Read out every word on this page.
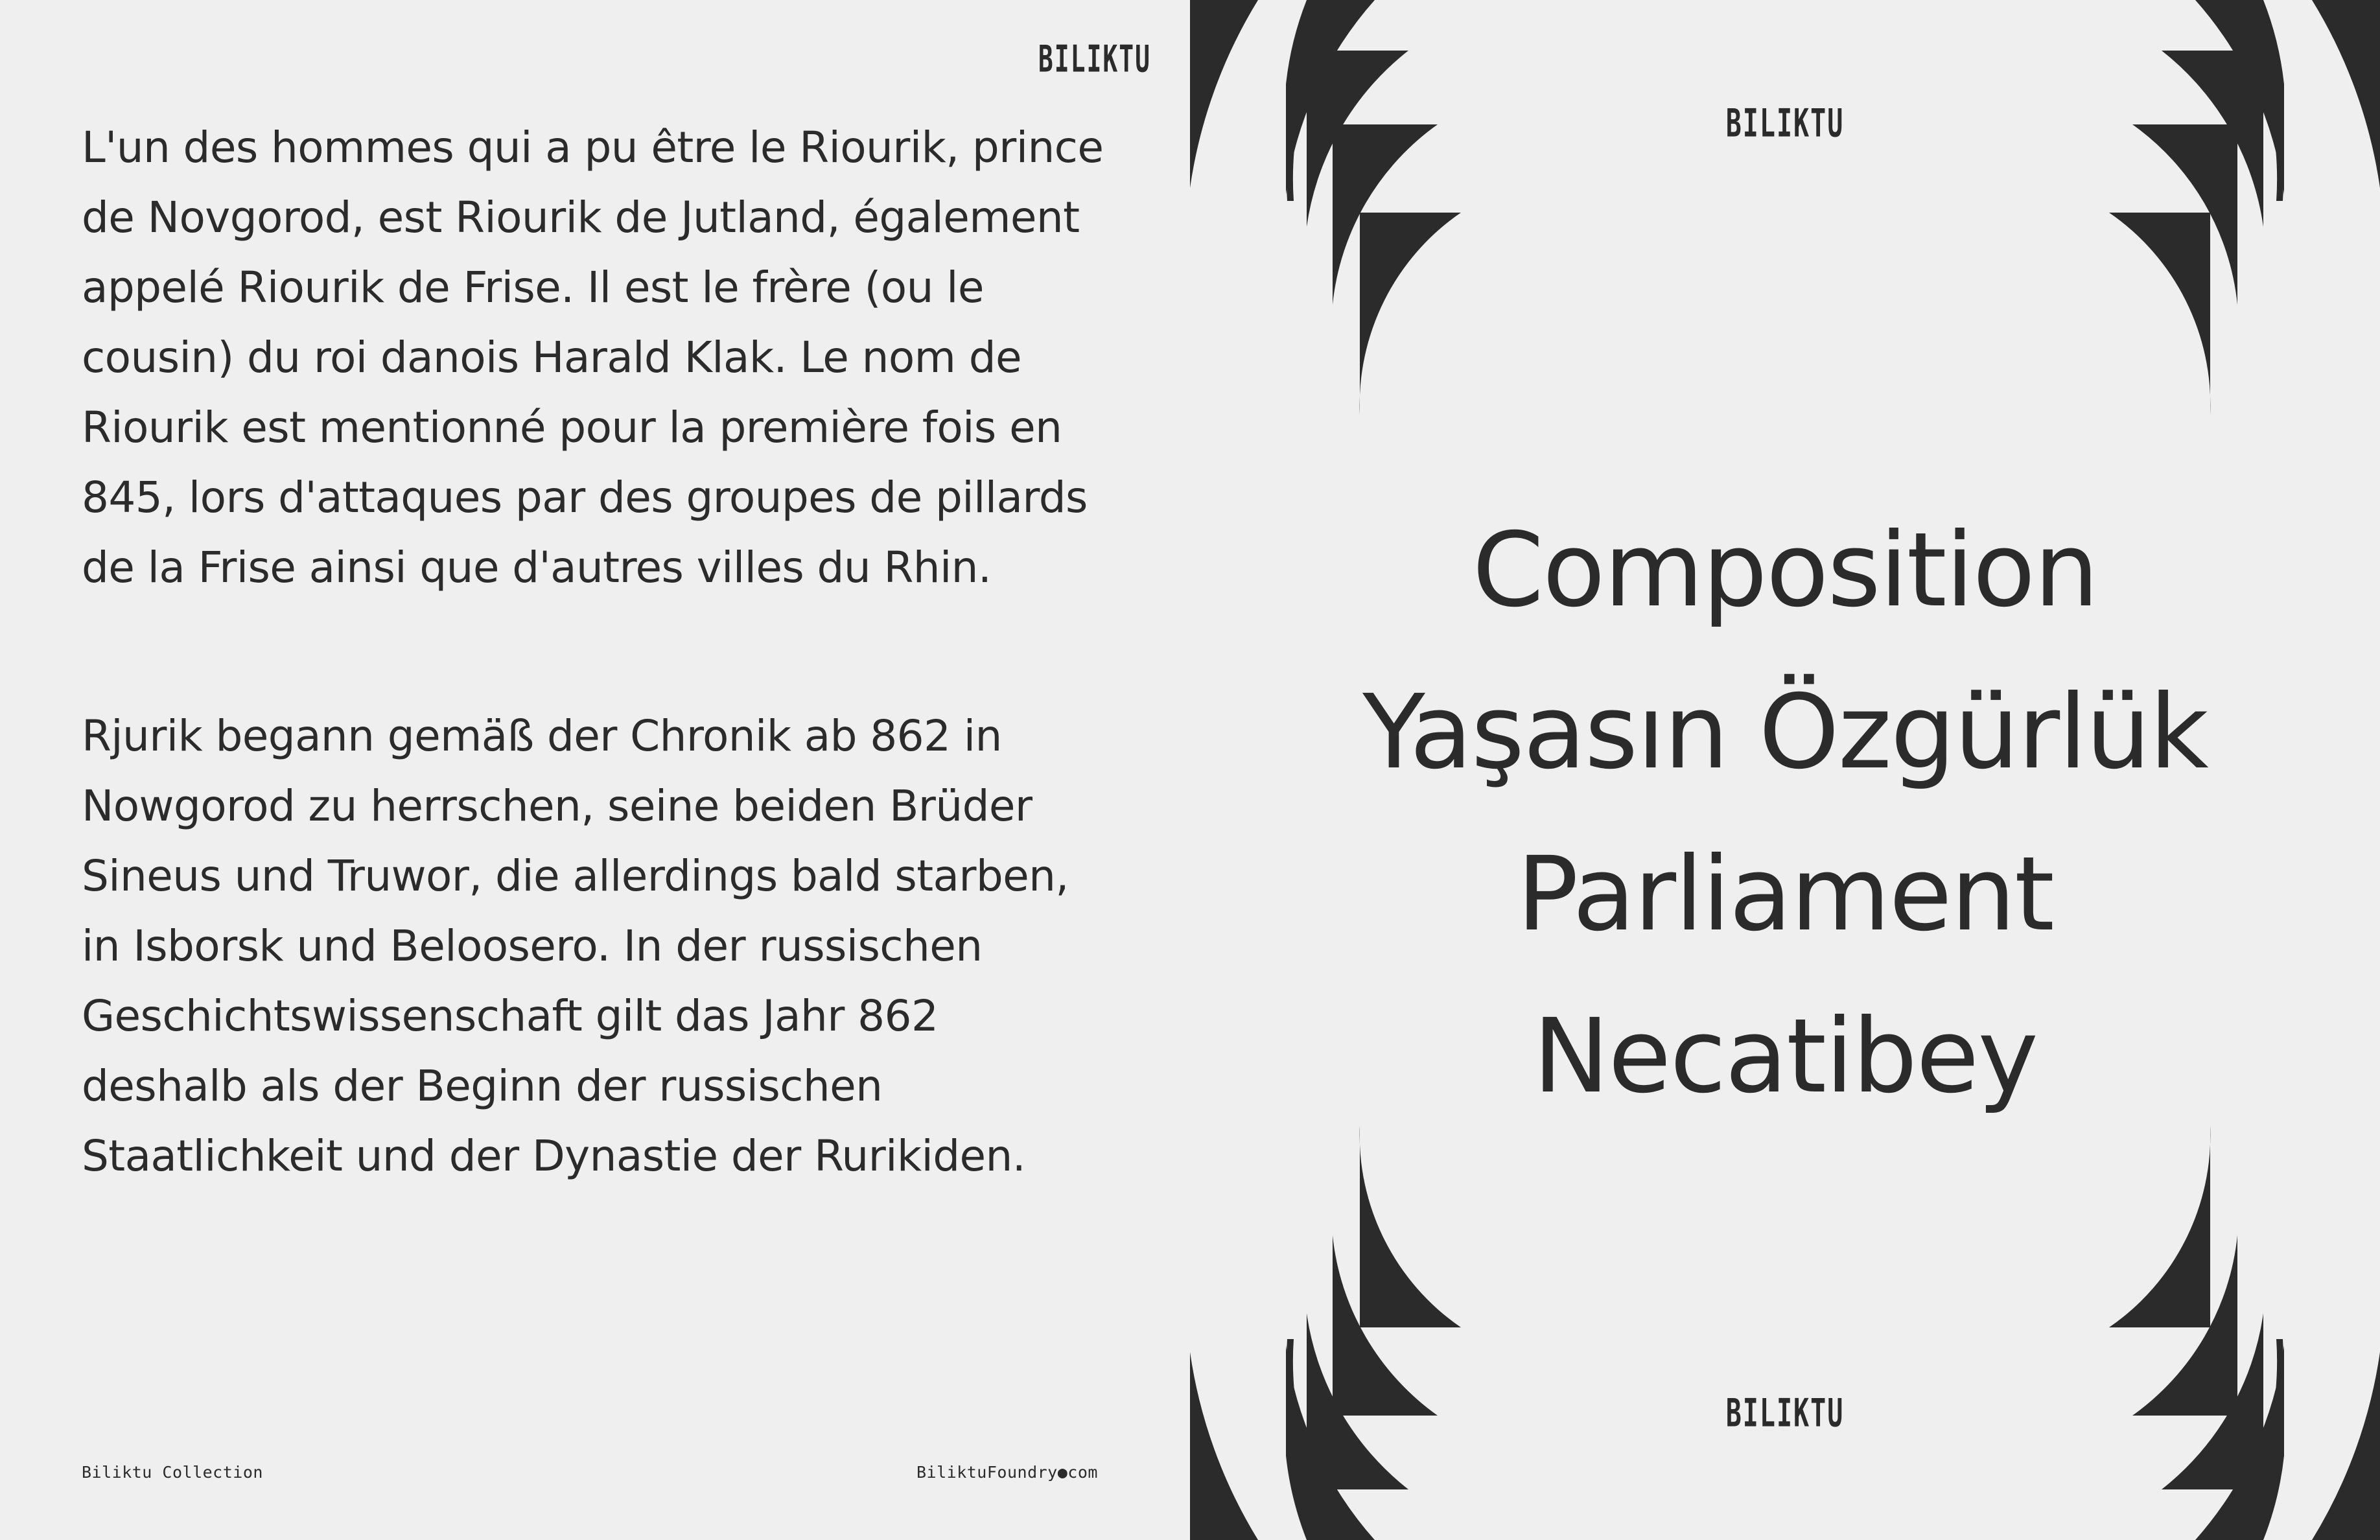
BILIKTU

L'un des hommes qui a pu être le Riourik, prince
de Novgorod, est Riourik de Jutland, également
appelé Riourik de Frise. Il est le frère (ou le
cousin) du roi danois Harald Klak. Le nom de
Riourik est mentionné pour la première fois en
845, lors d'attaques par des groupes de pillards
de la Frise ainsi que d'autres villes du Rhin.

Rjurik begann gemäß der Chronik ab 862 in
Nowgorod zu herrschen, seine beiden Brüder
Sineus und Truwor, die allerdings bald starben,
in Isborsk und Beloosero. In der russischen
Geschichtswissenschaft gilt das Jahr 862
deshalb als der Beginn der russischen
Staatlichkeit und der Dynastie der Rurikiden.

Biliktu Collection	BiliktuFoundry●com
BILIKTU
Composition
Yaşasın Özgürlük
Parliament
Necatibey
BILIKTU
